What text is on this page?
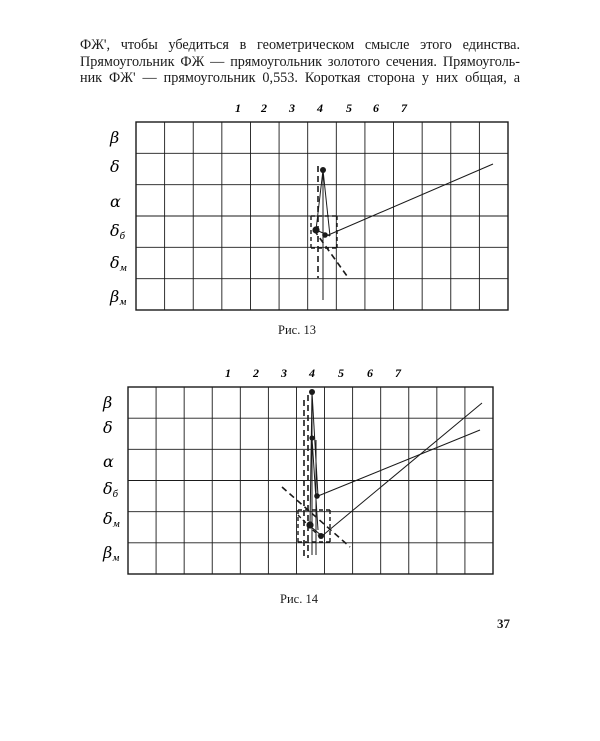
ФЖ', чтобы убедиться в геометрическом смысле этого единства.
Прямоугольник ФЖ — прямоугольник золотого сечения. Прямоуголь-
ник ФЖ' — прямоугольник 0,553. Короткая сторона у них общая, а
1 2 3 4 5 6 7
β
δ
α
δб
δм
βм
Рис. 13
1 2 3 4 5 6 7
β
δ
α
δб
δм
βм
Рис. 14
37
